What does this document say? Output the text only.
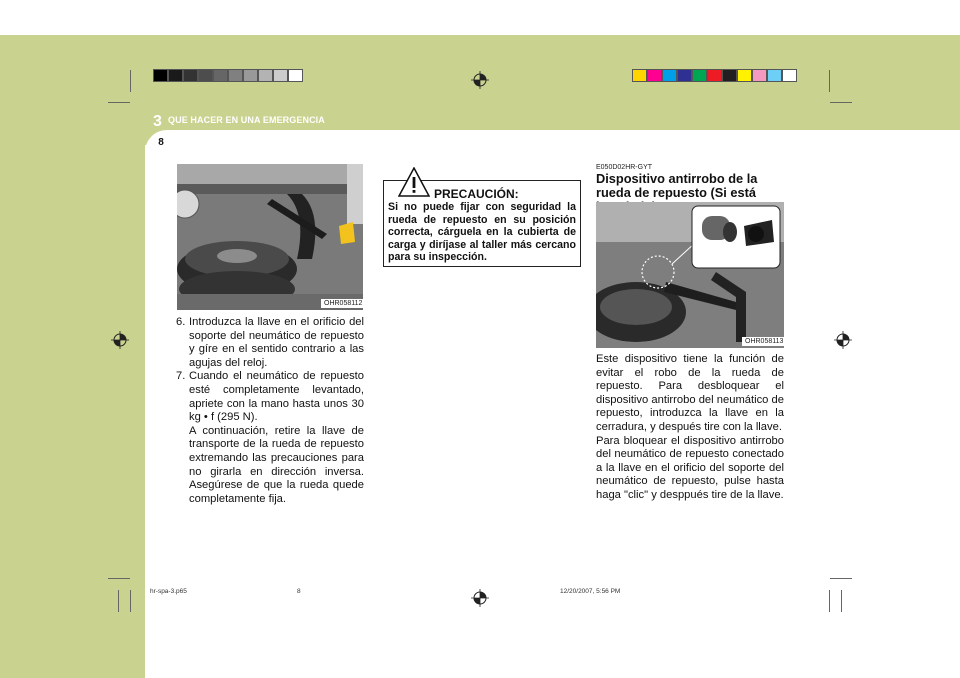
3 QUE HACER EN UNA EMERGENCIA
8
OHR058112
6. Introduzca la llave en el orificio del soporte del neumático de repuesto y gíre en el sentido contrario a las agujas del reloj.
7. Cuando el neumático de repuesto esté completamente levantado, apriete con la mano hasta unos 30 kg • f (295 N).
A continuación, retire la llave de transporte de la rueda de repuesto extremando las precauciones para no girarla en dirección inversa. Asegúrese de que la rueda quede completamente fija.
PRECAUCIÓN:
Si no puede fijar con seguridad la rueda de repuesto en su posición correcta, cárguela en la cubierta de carga y diríjase al taller más cercano para su inspección.
E050D02HR-GYT
Dispositivo antirrobo de la rueda de repuesto (Si está
OHR058113

Este dispositivo tiene la función de evitar el robo de la rueda de repuesto. Para desbloquear el dispositivo antirrobo del neumático de repuesto, introduzca la llave en la cerradura, y después tire con la llave.

Para bloquear el dispositivo antirrobo del neumático de repuesto conectado a la llave en el orificio del soporte del neumático de repuesto, pulse hasta haga "clic" y desppués tire de la llave.

hr-spa-3.p65	8	12/20/2007, 5:56 PM
